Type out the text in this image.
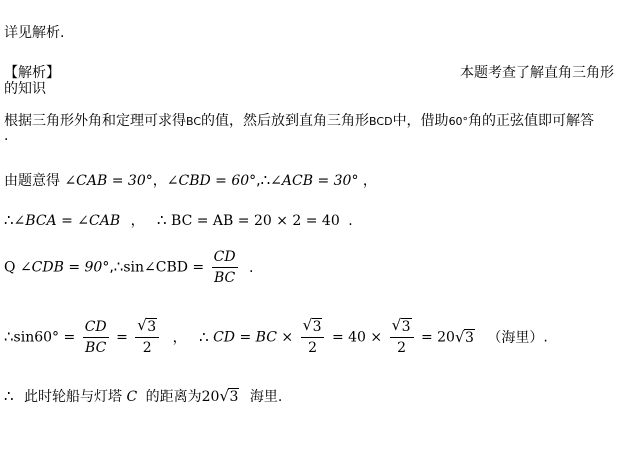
详见解析.
【解析】	本题考查了解直角三角形
的知识
根据三角形外角和定理可求得BC的值，然后放到直角三角形BCD中，借助60°角的正弦值即可解答
.
由题意得 ∠CAB = 30°，∠CBD = 60°,∴∠ACB = 30° ，
∴∠BCA = ∠CAB ， ∴ BC = AB = 20 × 2 = 40 .
Q ∠CDB = 90°,∴sin∠CBD = $\frac{CD}{BC}$ .
∴sin60° = $\frac{CD}{BC} = \frac{√ 3}{2}$ ， ∴ CD = BC × $\frac{√ 3}{2} = 40 \times \frac{√ 3}{2} = 20$ √ 3 （海里）.
∴ 此时轮船与灯塔 C 的距离为20 √ 3 海里.
